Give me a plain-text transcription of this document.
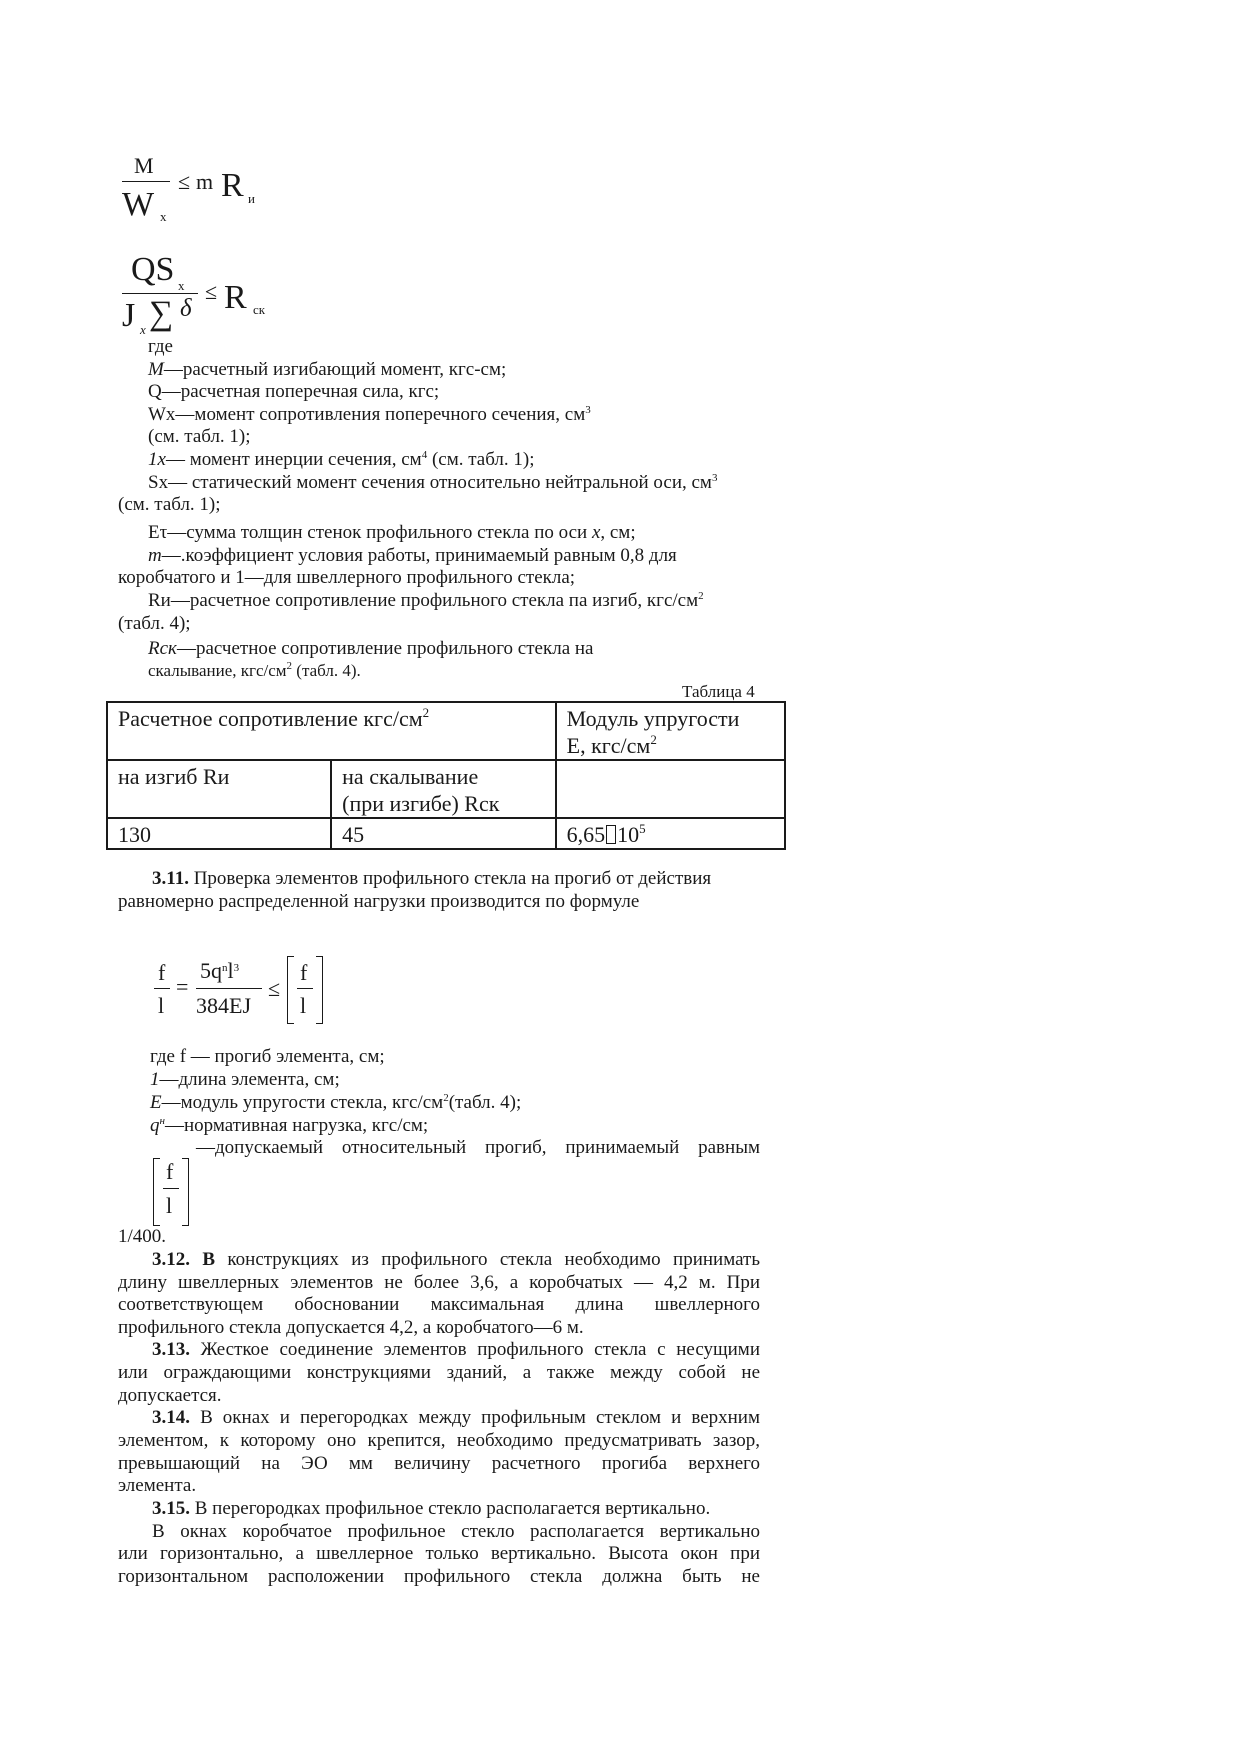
M
W x
≤ m R и
QS x
J x ∑ δ
≤ R ск
где
M—расчетный изгибающий момент, кгс-см;
Q—расчетная поперечная сила, кгс;
Wx—момент сопротивления поперечного сечения, $см^3$
(см. табл. 1);
1x— момент инерции сечения, $см^4$ (см. табл. 1);
Sx— статический момент сечения относительно нейтральной оси, $см^3$
(см. табл. 1);
Eτ—сумма толщин стенок профильного стекла по оси x, см;
т—.коэффициент условия работы, принимаемый равным 0,8 для
коробчатого и 1—для швеллерного профильного стекла;
Rи—расчетное сопротивление профильного стекла па изгиб, кгс/$см^2$
(табл. 4);
Rск—расчетное сопротивление профильного стекла на
скалывание, кгс/$см^2$ (табл. 4).
Таблица 4
Расчетное сопротивление кгс/$см^2$		Модуль упругости
E, кгс/$см^2$

на изгиб Rи	на скалывание
(при изгибе) Rск	

130	45	6,65 $10^5$
3.11. Проверка элементов профильного стекла на прогиб от действия
равномерно распределенной нагрузки производится по формуле
f
l
=
$5q^nl^3$
384EJ
≤
f
l
где f — прогиб элемента, см;
1—длина элемента, см;
E—модуль упругости стекла, кгс/$см^2(табл$. 4);
$q^н—нормативная$ нагрузка, кгс/см;
—допускаемый относительный прогиб, принимаемый равным
f
l
1/400.
3.12. В конструкциях из профильного стекла необходимо принимать
длину швеллерных элементов не более 3,6, а коробчатых — 4,2 м. При
соответствующем обосновании максимальная длина швеллерного
профильного стекла допускается 4,2, а коробчатого—6 м.
3.13. Жесткое соединение элементов профильного стекла с несущими
или ограждающими конструкциями зданий, а также между собой не
допускается.
3.14. В окнах и перегородках между профильным стеклом и верхним
элементом, к которому оно крепится, необходимо предусматривать зазор,
превышающий на ЭО мм величину расчетного прогиба верхнего
элемента.
3.15. В перегородках профильное стекло располагается вертикально.
В окнах коробчатое профильное стекло располагается вертикально
или горизонтально, а швеллерное только вертикально. Высота окон при
горизонтальном расположении профильного стекла должна быть не
